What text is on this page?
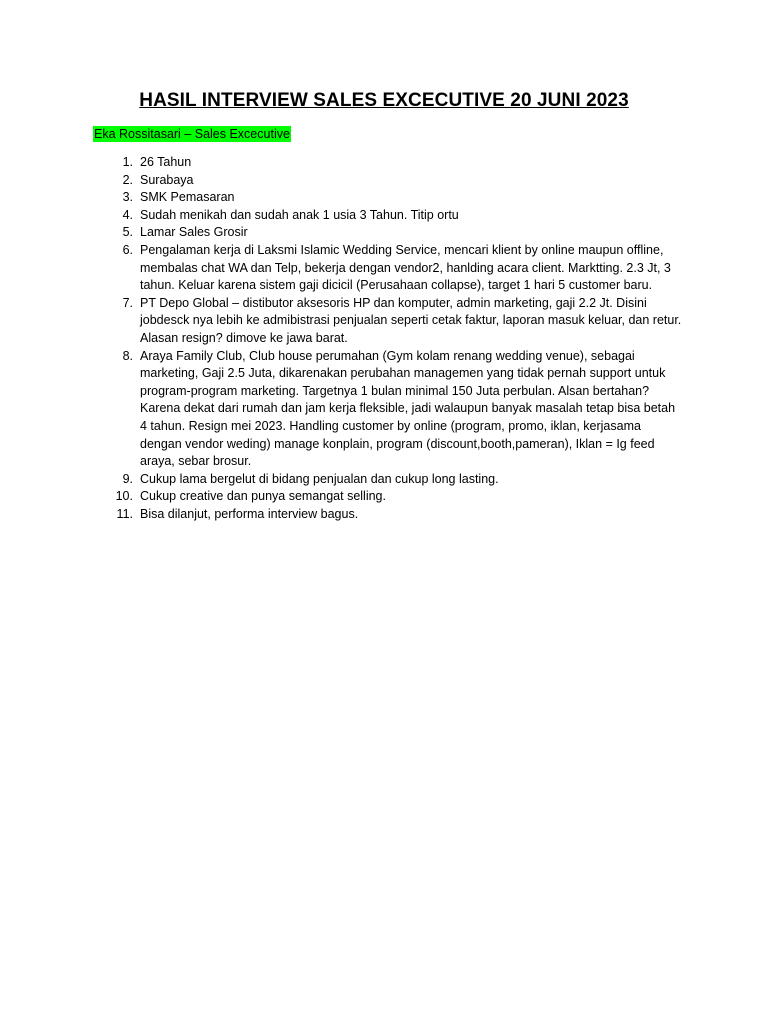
HASIL INTERVIEW SALES EXCECUTIVE 20 JUNI 2023
Eka Rossitasari – Sales Excecutive
1. 26 Tahun
2. Surabaya
3. SMK Pemasaran
4. Sudah menikah dan sudah anak 1 usia 3 Tahun. Titip ortu
5. Lamar Sales Grosir
6. Pengalaman kerja di Laksmi Islamic Wedding Service, mencari klient by online maupun offline, membalas chat WA dan Telp, bekerja dengan vendor2, hanlding acara client. Marktting. 2.3 Jt, 3 tahun. Keluar karena sistem gaji dicicil (Perusahaan collapse), target 1 hari 5 customer baru.
7. PT Depo Global – distibutor aksesoris HP dan komputer, admin marketing, gaji 2.2 Jt. Disini jobdesck nya lebih ke admibistrasi penjualan seperti cetak faktur, laporan masuk keluar, dan retur. Alasan resign? dimove ke jawa barat.
8. Araya Family Club, Club house perumahan (Gym kolam renang wedding venue), sebagai marketing, Gaji 2.5 Juta, dikarenakan perubahan managemen yang tidak pernah support untuk program-program marketing. Targetnya 1 bulan minimal 150 Juta perbulan. Alsan bertahan? Karena dekat dari rumah dan jam kerja fleksible, jadi walaupun banyak masalah tetap bisa betah 4 tahun. Resign mei 2023. Handling customer by online (program, promo, iklan, kerjasama dengan vendor weding) manage konplain, program (discount,booth,pameran), Iklan = Ig feed araya, sebar brosur.
9. Cukup lama bergelut di bidang penjualan dan cukup long lasting.
10. Cukup creative dan punya semangat selling.
11. Bisa dilanjut, performa interview bagus.
